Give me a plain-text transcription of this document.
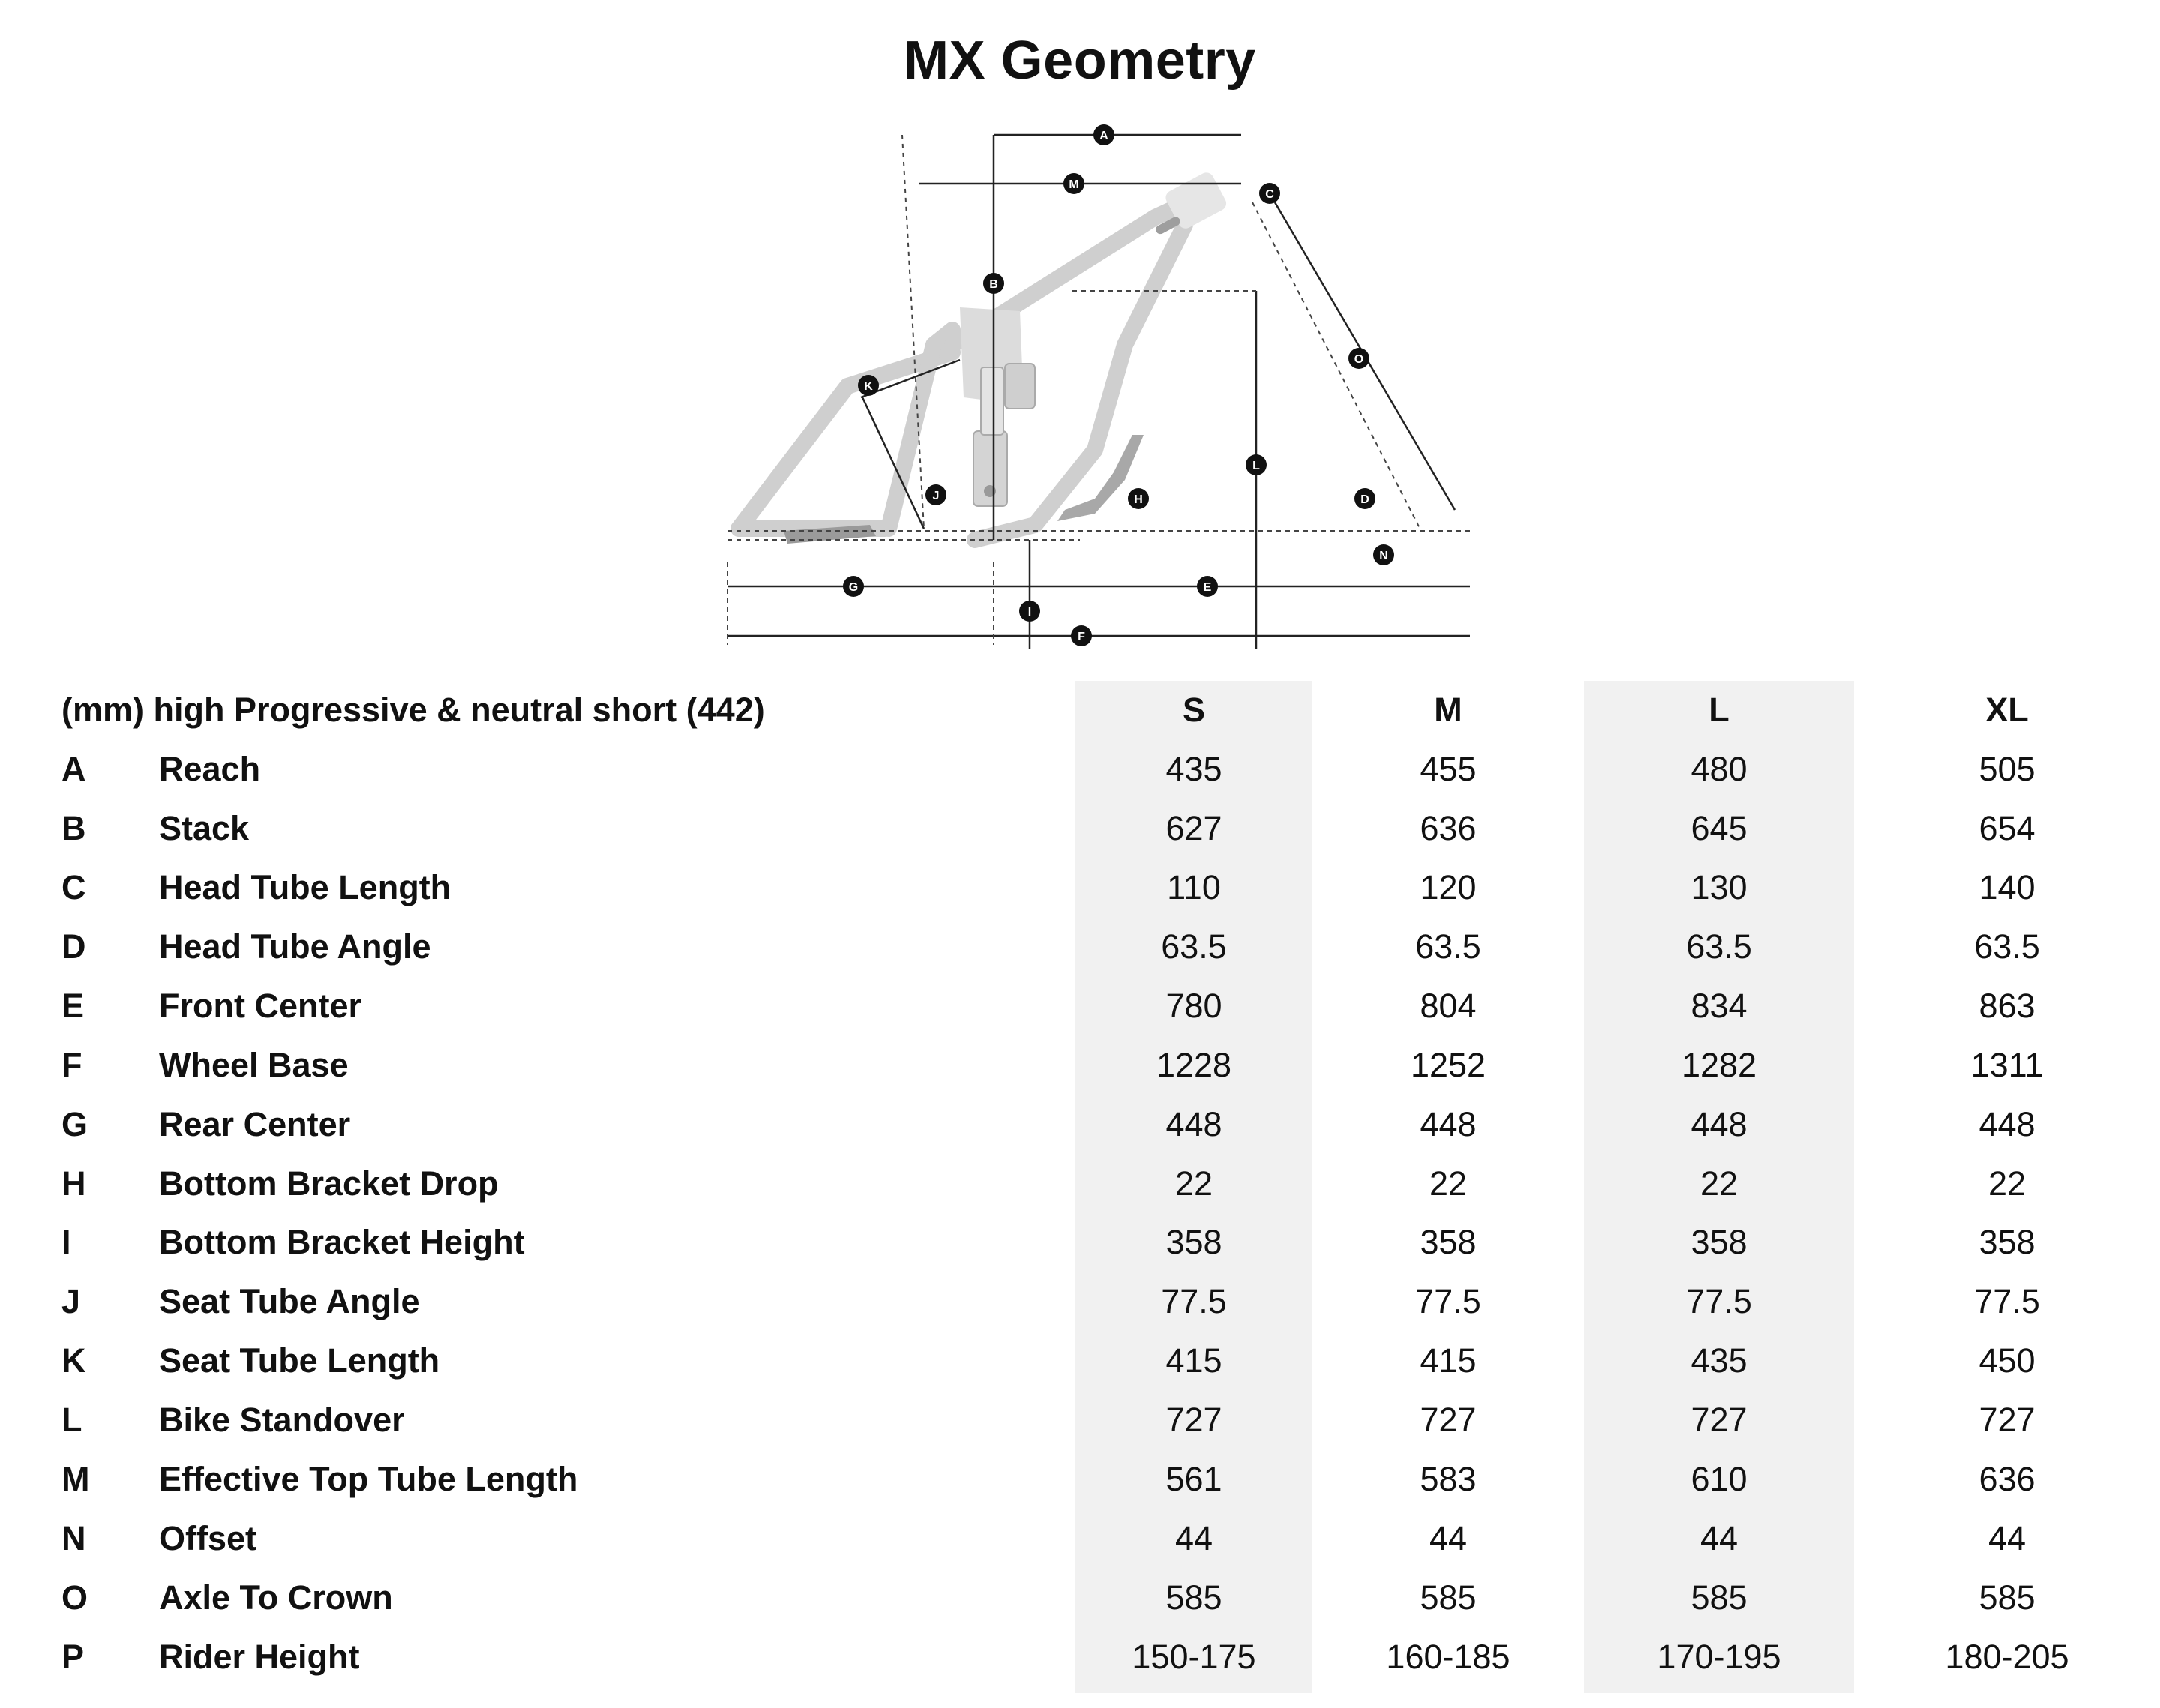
MX Geometry
A
M
C
B
O
K
L
J	H	D
N
G	E
I
F
(mm) high Progressive & neutral short (442)		S	M	L	XL
A	Reach	435	455	480	505
B	Stack	627	636	645	654
C	Head Tube Length	110	120	130	140
D	Head Tube Angle	63.5	63.5	63.5	63.5
E	Front Center	780	804	834	863
F	Wheel Base	1228	1252	1282	1311
G	Rear Center	448	448	448	448
H	Bottom Bracket Drop	22	22	22	22
I	Bottom Bracket Height	358	358	358	358
J	Seat Tube Angle	77.5	77.5	77.5	77.5
K	Seat Tube Length	415	415	435	450
L	Bike Standover	727	727	727	727
M	Effective Top Tube Length	561	583	610	636
N	Offset	44	44	44	44
O	Axle To Crown	585	585	585	585
P	Rider Height	150-175	160-185	170-195	180-205
